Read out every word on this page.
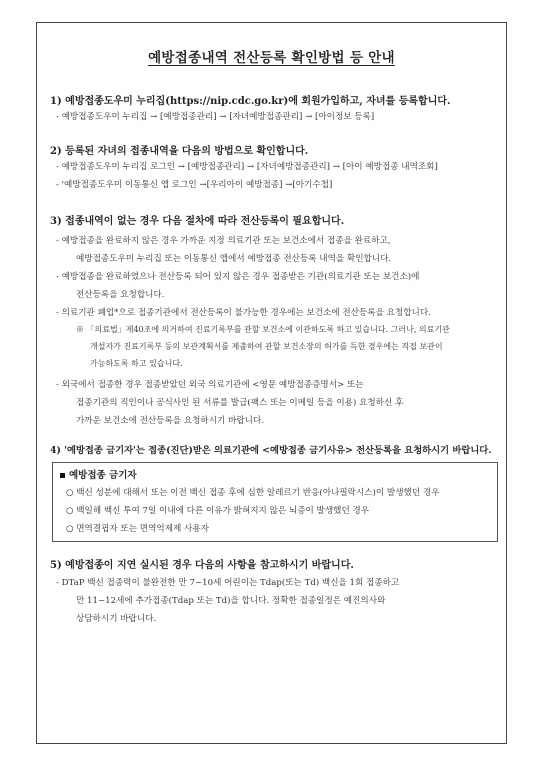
예방접종내역 전산등록 확인방법 등 안내
1) 예방접종도우미 누리집(https://nip.cdc.go.kr)에 회원가입하고, 자녀를 등록합니다.
- 예방접종도우미 누리집 → [예방접종관리] → [자녀예방접종관리] → [아이정보 등록]
2) 등록된 자녀의 접종내역을 다음의 방법으로 확인합니다.
- 예방접종도우미 누리집 로그인 → [예방접종관리] → [자녀예방접종관리] → [아이 예방접종 내역조회]
- '예방접종도우미 이동통신 앱 로그인 →[우리아이 예방접종] →[아기수첩]
3) 접종내역이 없는 경우 다음 절차에 따라 전산등록이 필요합니다.
- 예방접종을 완료하지 않은 경우 가까운 지정 의료기관 또는 보건소에서 접종을 완료하고,
예방접종도우미 누리집 또는 이동통신 앱에서 예방접종 전산등록 내역을 확인합니다.
- 예방접종을 완료하였으나 전산등록 되어 있지 않은 경우 접종받은 기관(의료기관 또는 보건소)에
전산등록을 요청합니다.
- 의료기관 폐업*으로 접종기관에서 전산등록이 불가능한 경우에는 보건소에 전산등록을 요청합니다.
※ 「의료법」제40조에 의거하여 진료기록부를 관할 보건소에 이관하도록 하고 있습니다. 그러나, 의료기관
개설자가 진료기록부 등의 보관계획서를 제출하여 관할 보건소장의 허가를 득한 경우에는 직접 보관이
가능하도록 하고 있습니다.
- 외국에서 접종한 경우 접종받았던 외국 의료기관에 <영문 예방접종증명서> 또는
접종기관의 직인이나 공식사인 된 서류를 발급(팩스 또는 이메일 등을 이용) 요청하신 후
가까운 보건소에 전산등록을 요청하시기 바랍니다.
4) '예방접종 금기자'는 접종(진단)받은 의료기관에 <예방접종 금기사유> 전산등록을 요청하시기 바랍니다.
예방접종 금기자
○ 백신 성분에 대해서 또는 이전 백신 접종 후에 심한 알레르기 반응(아나필락시스)이 발생했던 경우
○ 백일해 백신 투여 7일 이내에 다른 이유가 밝혀지지 않은 뇌증이 발생했던 경우
○ 면역결핍자 또는 면역억제제 사용자
5) 예방접종이 지연 실시된 경우 다음의 사항을 참고하시기 바랍니다.
- DTaP 백신 접종력이 불완전한 만 7~10세 어린이는 Tdap(또는 Td) 백신을 1회 접종하고
만 11~12세에 추가접종(Tdap 또는 Td)을 합니다. 정확한 접종일정은 예진의사와
상담하시기 바랍니다.
